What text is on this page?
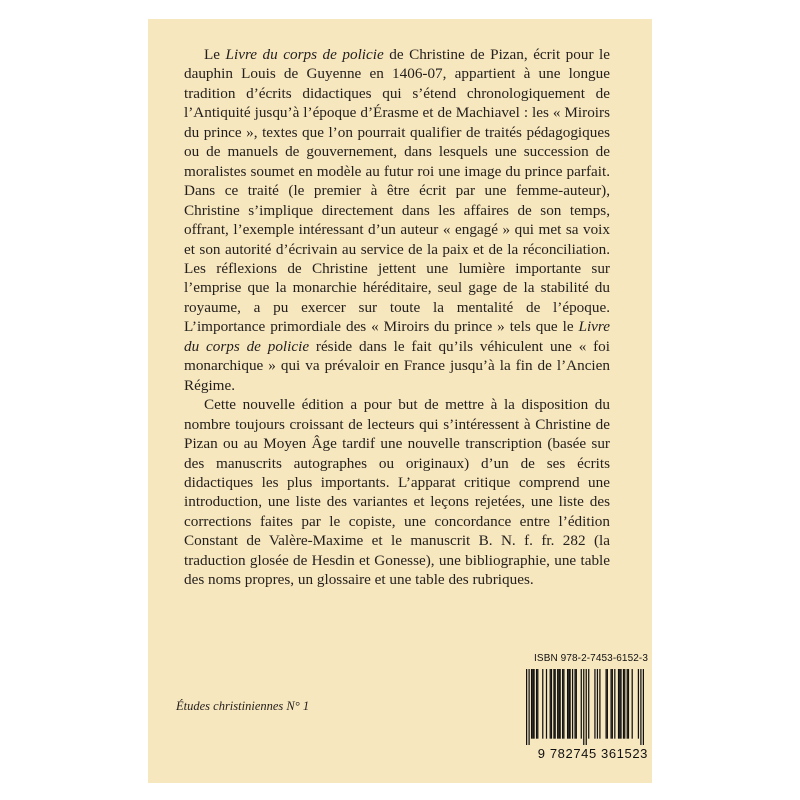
Le Livre du corps de policie de Christine de Pizan, écrit pour le dauphin Louis de Guyenne en 1406-07, appartient à une longue tradition d’écrits didactiques qui s’étend chronologiquement de l’Antiquité jusqu’à l’époque d’Érasme et de Machiavel : les « Miroirs du prince », textes que l’on pourrait qualifier de traités pédagogiques ou de manuels de gouvernement, dans lesquels une succession de moralistes soumet en modèle au futur roi une image du prince parfait. Dans ce traité (le premier à être écrit par une femme-auteur), Christine s’implique directement dans les affaires de son temps, offrant, l’exemple intéressant d’un auteur « engagé » qui met sa voix et son autorité d’écrivain au service de la paix et de la réconciliation. Les réflexions de Christine jettent une lumière importante sur l’emprise que la monarchie héréditaire, seul gage de la stabilité du royaume, a pu exercer sur toute la mentalité de l’époque. L’importance primordiale des « Miroirs du prince » tels que le Livre du corps de policie réside dans le fait qu’ils véhiculent une « foi monarchique » qui va prévaloir en France jusqu’à la fin de l’Ancien Régime.

Cette nouvelle édition a pour but de mettre à la disposition du nombre toujours croissant de lecteurs qui s’intéressent à Christine de Pizan ou au Moyen Âge tardif une nouvelle transcription (basée sur des manuscrits autographes ou originaux) d’un de ses écrits didactiques les plus importants. L’apparat critique comprend une introduction, une liste des variantes et leçons rejetées, une liste des corrections faites par le copiste, une concordance entre l’édition Constant de Valère-Maxime et le manuscrit B. N. f. fr. 282 (la traduction glosée de Hesdin et Gonesse), une bibliographie, une table des noms propres, un glossaire et une table des rubriques.

Études christiniennes N° 1
ISBN 978-2-7453-6152-3
9 782745 361523
